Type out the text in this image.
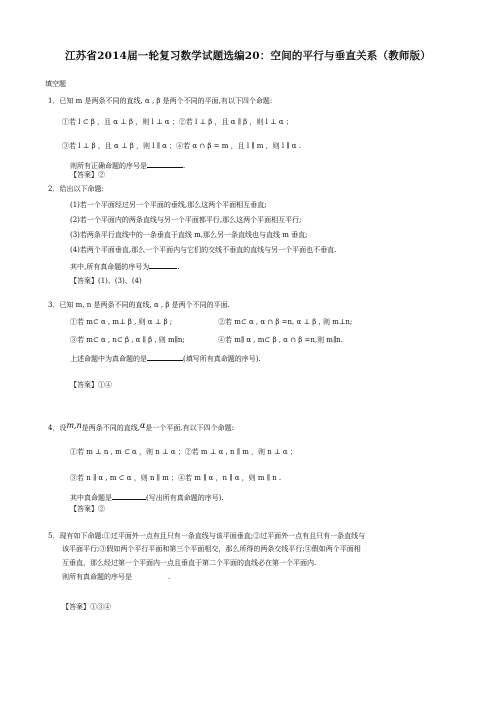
江苏省2014届一轮复习数学试题选编20：空间的平行与垂直关系（教师版）
填空题
1．已知 m 是两条不同的直线, α , β 是两个不同的平面,有以下四个命题:
①若 l ⊂ β ，且 α ⊥ β ，则 l ⊥ α ；②若 l ⊥ β ，且 α ∥ β ，则 l ⊥ α ；
③若 l ⊥ β ，且 α ⊥ β ，则 l ∥ α ；④若 α ∩ β = m ，且 l ∥ m ，则 l ∥ α .
则所有正确命题的序号是	.
【答案】②
2．给出以下命题:
(1)若一个平面经过另一个平面的垂线,那么这两个平面相互垂直;
(2)若一个平面内的两条直线与另一个平面都平行,那么这两个平面相互平行;
(3)若两条平行直线中的一条垂直于直线 m,那么另一条直线也与直线 m 垂直;
(4)若两个平面垂直,那么一个平面内与它们的交线不垂直的直线与另一个平面也不垂直.
其中,所有真命题的序号为	.
【答案】(1)、(3)、(4)
3．已知 m, n 是两条不同的直线, α , β 是两个不同的平面.
①若 m⊂ α , m⊥ β , 则 α ⊥ β ;	②若 m⊂ α , α ∩ β =n, α ⊥ β , 则 m⊥n;
③若 m⊂ α , n⊂ β , α ∥ β , 则 m∥n;	④若 m∥ α , m⊂ β , α ∩ β =n,则 m∥n.
上述命题中为真命题的是	(填写所有真命题的序号).
【答案】①④
4．设m,n是两条不同的直线,α是一个平面,有以下四个命题:
①若 m ⊥ n , m ⊂ α ，则 n ⊥ α ；②若 m ⊥ α , n ∥ m ，则 n ⊥ α ；
③若 n ∥ α , m ⊂ α ，则 n ∥ m ；④若 m ∥ α ，n ∥ α ，则 m ∥ n .
其中真命题是	(写出所有真命题的序号).
【答案】②
5．现有如下命题:①过平面外一点有且只有一条直线与该平面垂直;②过平面外一点有且只有一条直线与
该平面平行;③假如两个平行平面和第三个平面相交，那么所得的两条交线平行;④假如两个平面相
互垂直，那么经过第一个平面内一点且垂直于第二个平面的直线必在第一个平面内.
则所有真命题的序号是	.
【答案】①③④
